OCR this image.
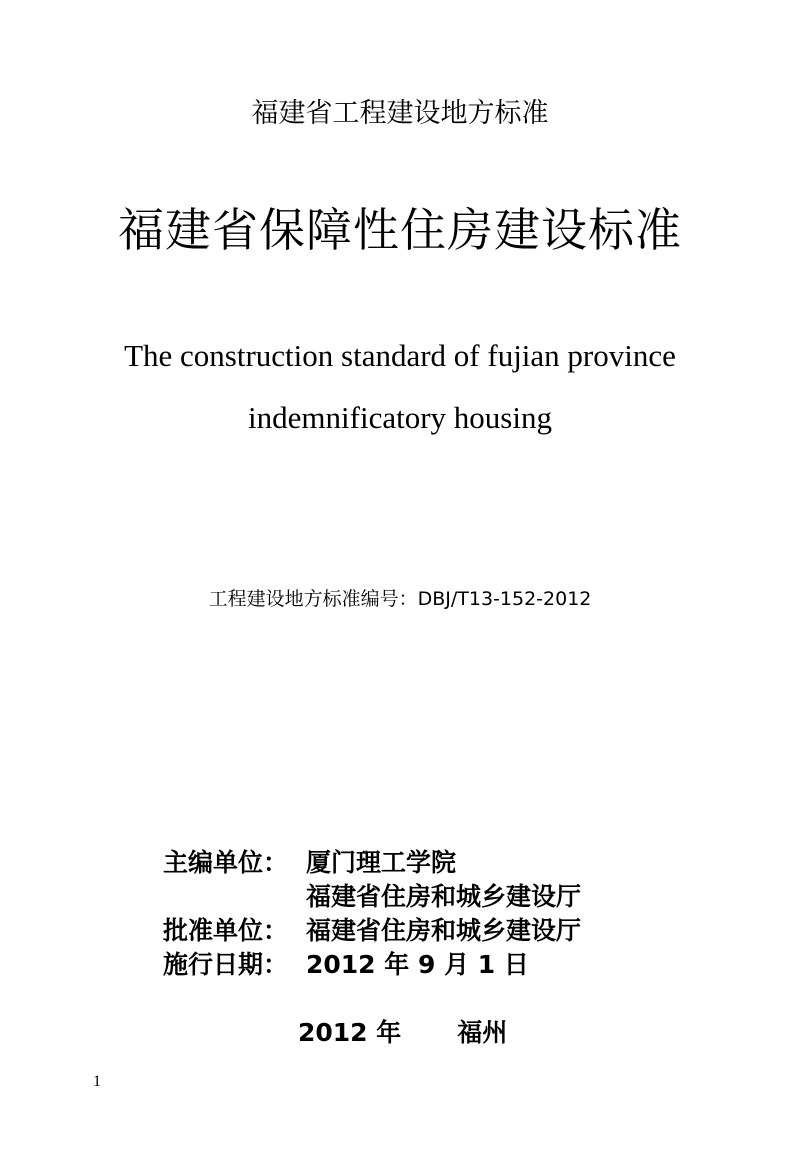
福建省工程建设地方标准
福建省保障性住房建设标准
The construction standard of fujian province
indemnificatory housing
工程建设地方标准编号：DBJ/T13-152-2012
主编单位： 厦门理工学院
福建省住房和城乡建设厅
批准单位： 福建省住房和城乡建设厅
施行日期： 2012 年 9 月 1 日
2012 年 福州
1
